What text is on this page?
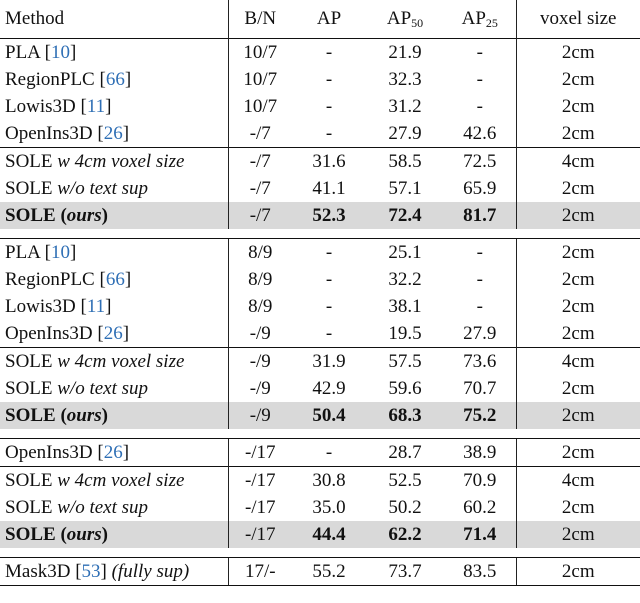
Method	B/N	AP	$AP_{50}$	$AP_{25}$	voxel size
PLA [10]	10/7	-	21.9	-	2cm
RegionPLC [66]	10/7	-	32.3	-	2cm
Lowis3D [11]	10/7	-	31.2	-	2cm
OpenIns3D [26]	-/7	-	27.9	42.6	2cm
SOLE w 4cm voxel size	-/7	31.6	58.5	72.5	4cm
SOLE w/o text sup	-/7	41.1	57.1	65.9	2cm
SOLE (ours)	-/7	52.3	72.4	81.7	2cm

PLA [10]	8/9	-	25.1	-	2cm
RegionPLC [66]	8/9	-	32.2	-	2cm
Lowis3D [11]	8/9	-	38.1	-	2cm
OpenIns3D [26]	-/9	-	19.5	27.9	2cm
SOLE w 4cm voxel size	-/9	31.9	57.5	73.6	4cm
SOLE w/o text sup	-/9	42.9	59.6	70.7	2cm
SOLE (ours)	-/9	50.4	68.3	75.2	2cm

OpenIns3D [26]	-/17	-	28.7	38.9	2cm
SOLE w 4cm voxel size	-/17	30.8	52.5	70.9	4cm
SOLE w/o text sup	-/17	35.0	50.2	60.2	2cm
SOLE (ours)	-/17	44.4	62.2	71.4	2cm

Mask3D [53] (fully sup)	17/-	55.2	73.7	83.5	2cm
